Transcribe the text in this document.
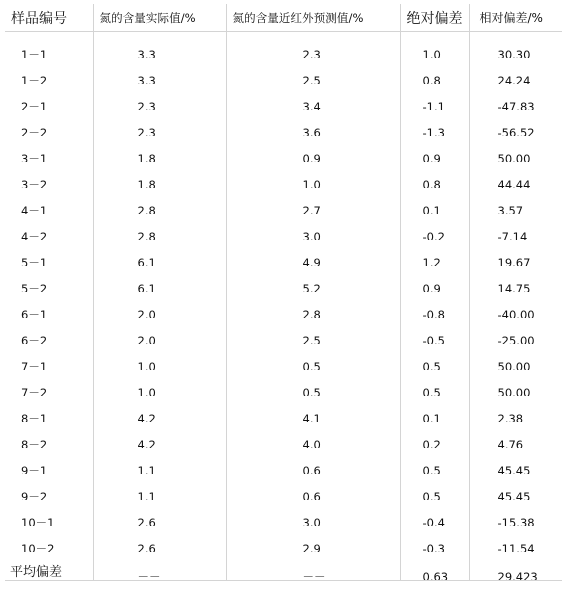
样品编号	氮的含量实际值/%	氮的含量近红外预测值/%	绝对偏差	相对偏差/%
1－1	3.3	2.3	1.0	30.30
1－2	3.3	2.5	0.8	24.24
2－1	2.3	3.4	-1.1	-47.83
2－2	2.3	3.6	-1.3	-56.52
3－1	1.8	0.9	0.9	50.00
3－2	1.8	1.0	0.8	44.44
4－1	2.8	2.7	0.1	3.57
4－2	2.8	3.0	-0.2	-7.14
5－1	6.1	4.9	1.2	19.67
5－2	6.1	5.2	0.9	14.75
6－1	2.0	2.8	-0.8	-40.00
6－2	2.0	2.5	-0.5	-25.00
7－1	1.0	0.5	0.5	50.00
7－2	1.0	0.5	0.5	50.00
8－1	4.2	4.1	0.1	2.38
8－2	4.2	4.0	0.2	4.76
9－1	1.1	0.6	0.5	45.45
9－2	1.1	0.6	0.5	45.45
10－1	2.6	3.0	-0.4	-15.38
10－2	2.6	2.9	-0.3	-11.54
平均偏差	－－	－－	0.63	29.423
